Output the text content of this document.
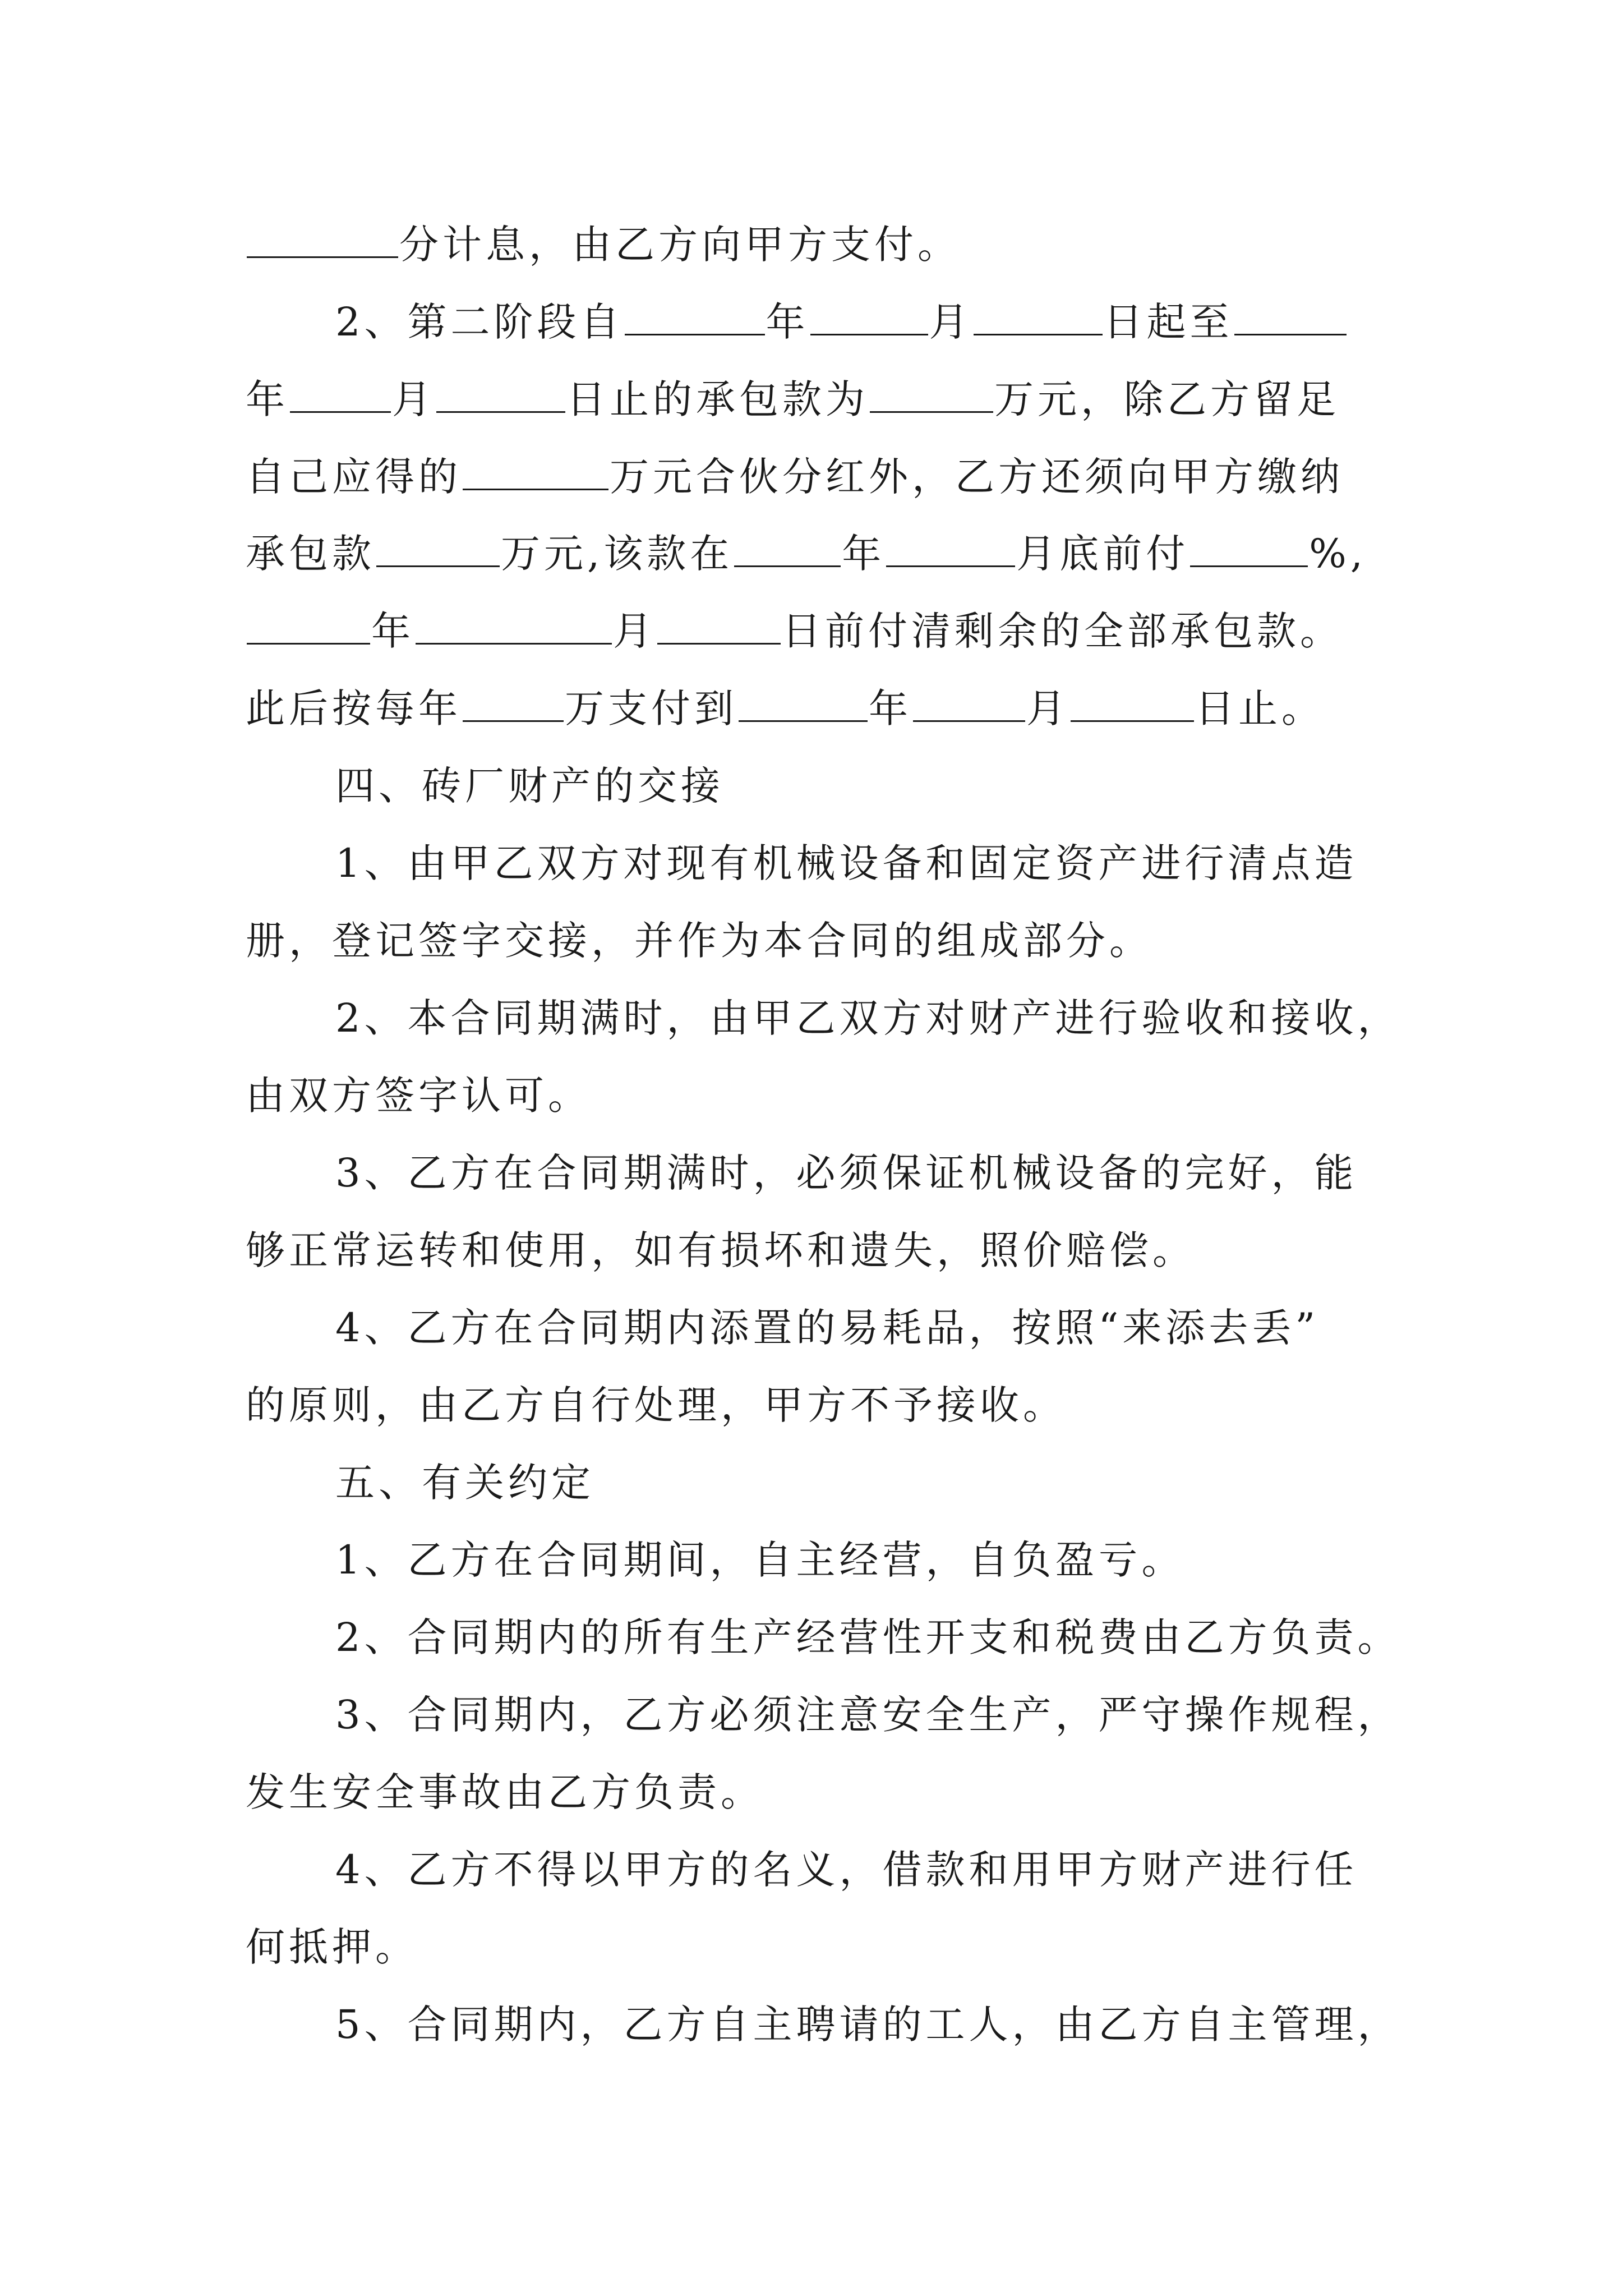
分计息，由乙方向甲方支付。
2、第二阶段自	年	月	日起至
年	月	日止的承包款为	万元，除乙方留足
自己应得的	万元合伙分红外，乙方还须向甲方缴纳
承包款	万元,该款在	年	月底前付	%,
年	月	日前付清剩余的全部承包款。
此后按每年	万支付到	年	月	日止。
四、砖厂财产的交接
1、由甲乙双方对现有机械设备和固定资产进行清点造
册，登记签字交接，并作为本合同的组成部分。
2、本合同期满时，由甲乙双方对财产进行验收和接收，
由双方签字认可。
3、乙方在合同期满时，必须保证机械设备的完好，能
够正常运转和使用，如有损坏和遗失，照价赔偿。
4、乙方在合同期内添置的易耗品，按照“来添去丢”
的原则，由乙方自行处理，甲方不予接收。
五、有关约定
1、乙方在合同期间，自主经营，自负盈亏。
2、合同期内的所有生产经营性开支和税费由乙方负责。
3、合同期内，乙方必须注意安全生产，严守操作规程，
发生安全事故由乙方负责。
4、乙方不得以甲方的名义，借款和用甲方财产进行任
何抵押。
5、合同期内，乙方自主聘请的工人，由乙方自主管理，
